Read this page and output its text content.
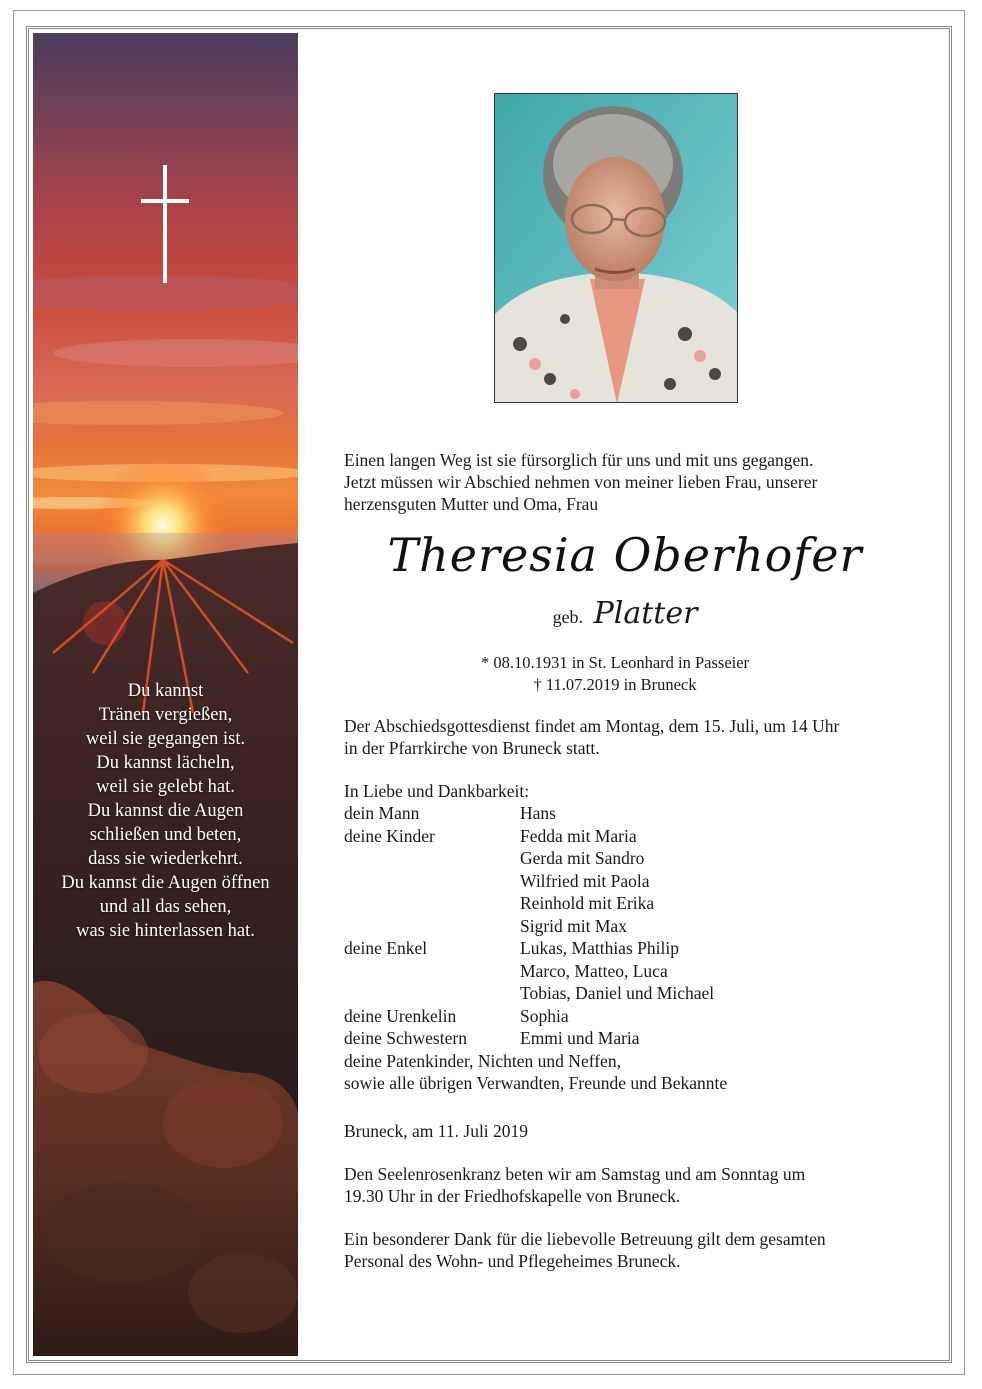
Du kannst
Tränen vergießen,
weil sie gegangen ist.
Du kannst lächeln,
weil sie gelebt hat.
Du kannst die Augen
schließen und beten,
dass sie wiederkehrt.
Du kannst die Augen öffnen
und all das sehen,
was sie hinterlassen hat.
Einen langen Weg ist sie fürsorglich für uns und mit uns gegangen.
Jetzt müssen wir Abschied nehmen von meiner lieben Frau, unserer
herzensguten Mutter und Oma, Frau
Theresia Oberhofer
geb. Platter
* 08.10.1931 in St. Leonhard in Passeier
† 11.07.2019 in Bruneck
Der Abschiedsgottesdienst findet am Montag, dem 15. Juli, um 14 Uhr
in der Pfarrkirche von Bruneck statt.
In Liebe und Dankbarkeit:
dein Mann	Hans
deine Kinder	Fedda mit Maria
Gerda mit Sandro
Wilfried mit Paola
Reinhold mit Erika
Sigrid mit Max
deine Enkel	Lukas, Matthias Philip
Marco, Matteo, Luca
Tobias, Daniel und Michael
deine Urenkelin	Sophia
deine Schwestern	Emmi und Maria
deine Patenkinder, Nichten und Neffen,
sowie alle übrigen Verwandten, Freunde und Bekannte
Bruneck, am 11. Juli 2019
Den Seelenrosenkranz beten wir am Samstag und am Sonntag um
19.30 Uhr in der Friedhofskapelle von Bruneck.
Ein besonderer Dank für die liebevolle Betreuung gilt dem gesamten
Personal des Wohn- und Pflegeheimes Bruneck.
